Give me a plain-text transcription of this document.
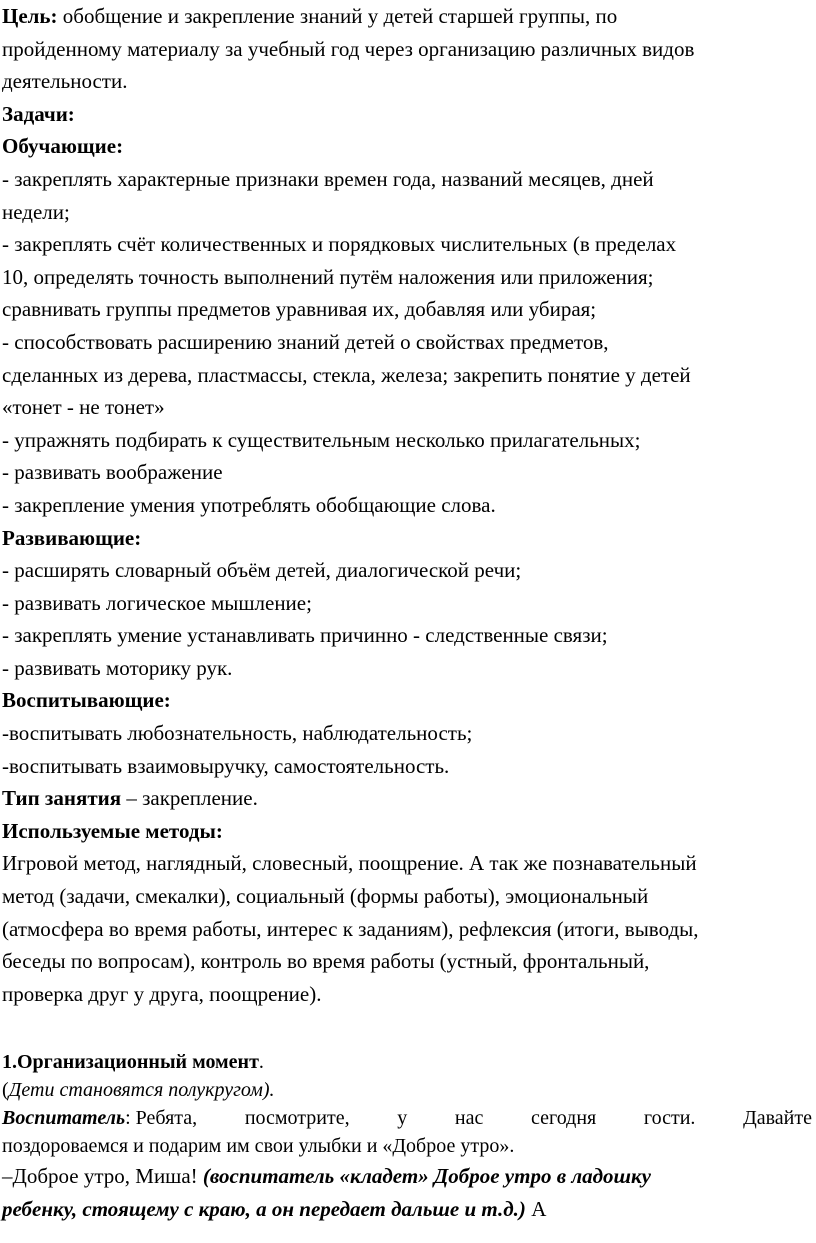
Цель: обобщение и закрепление знаний у детей старшей группы, по
пройденному материалу за учебный год через организацию различных видов
деятельности.
Задачи:
Обучающие:
- закреплять характерные признаки времен года, названий месяцев, дней
недели;
- закреплять счёт количественных и порядковых числительных (в пределах
10, определять точность выполнений путём наложения или приложения;
сравнивать группы предметов уравнивая их, добавляя или убирая;
- способствовать расширению знаний детей о свойствах предметов,
сделанных из дерева, пластмассы, стекла, железа; закрепить понятие у детей
«тонет - не тонет»
- упражнять подбирать к существительным несколько прилагательных;
- развивать воображение
- закрепление умения употреблять обобщающие слова.
Развивающие:
- расширять словарный объём детей, диалогической речи;
- развивать логическое мышление;
- закреплять умение устанавливать причинно - следственные связи;
- развивать моторику рук.
Воспитывающие:
-воспитывать любознательность, наблюдательность;
-воспитывать взаимовыручку, самостоятельность.
Тип занятия – закрепление.
Используемые методы:
Игровой метод, наглядный, словесный, поощрение. А так же познавательный
метод (задачи, смекалки), социальный (формы работы), эмоциональный
(атмосфера во время работы, интерес к заданиям), рефлексия (итоги, выводы,
беседы по вопросам), контроль во время работы (устный, фронтальный,
проверка друг у друга, поощрение).
1.Организационный момент.
(Дети становятся полукругом).
Воспитатель: Ребята, посмотрите, у нас сегодня гости. Давайте
поздороваемся и подарим им свои улыбки и «Доброе утро».
–Доброе утро, Миша! (воспитатель «кладет» Доброе утро в ладошку
ребенку, стоящему с краю, а он передает дальше и т.д.) А
